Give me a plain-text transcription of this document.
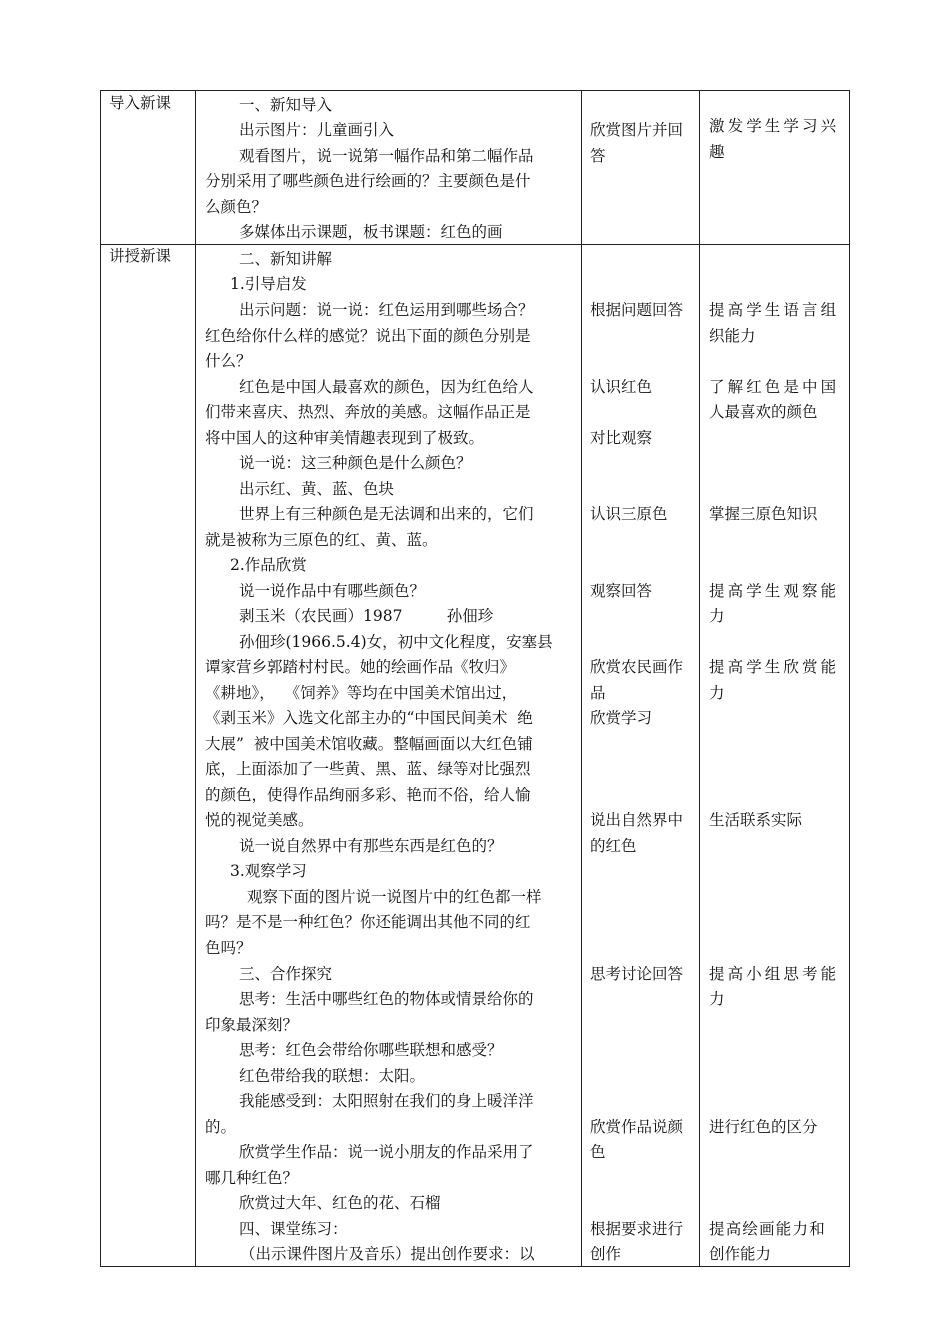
导入新课	一、新知导入
出示图片：儿童画引入
观看图片，说一说第一幅作品和第二幅作品
分别采用了哪些颜色进行绘画的？主要颜色是什
么颜色？
多媒体出示课题，板书课题：红色的画
欣赏图片并回
答
激发学生学习兴
趣
讲授新课	二、新知讲解
1.引导启发
出示问题：说一说：红色运用到哪些场合？
红色给你什么样的感觉？说出下面的颜色分别是
什么？
红色是中国人最喜欢的颜色，因为红色给人
们带来喜庆、热烈、奔放的美感。这幅作品正是
将中国人的这种审美情趣表现到了极致。
说一说：这三种颜色是什么颜色？
出示红、黄、蓝、色块
世界上有三种颜色是无法调和出来的，它们
就是被称为三原色的红、黄、蓝。
2.作品欣赏
说一说作品中有哪些颜色？
剥玉米（农民画）1987         孙佃珍
孙佃珍(1966.5.4)女，初中文化程度，安塞县
谭家营乡郭踏村村民。她的绘画作品《牧归》
《耕地》，  《饲养》等均在中国美术馆出过，
《剥玉米》入选文化部主办的“中国民间美术  绝
大展”  被中国美术馆收藏。整幅画面以大红色铺
底，上面添加了一些黄、黑、蓝、绿等对比强烈
的颜色，使得作品绚丽多彩、艳而不俗，给人愉
悦的视觉美感。
说一说自然界中有那些东西是红色的？
3.观察学习
观察下面的图片说一说图片中的红色都一样
吗？是不是一种红色？你还能调出其他不同的红
色吗？
三、合作探究
思考：生活中哪些红色的物体或情景给你的
印象最深刻？
思考：红色会带给你哪些联想和感受？
红色带给我的联想：太阳。
我能感受到：太阳照射在我们的身上暖洋洋
的。
欣赏学生作品：说一说小朋友的作品采用了
哪几种红色？
欣赏过大年、红色的花、石榴
四、课堂练习：
（出示课件图片及音乐）提出创作要求：以
根据问题回答
认识红色
对比观察
认识三原色
观察回答
欣赏农民画作
品
欣赏学习
说出自然界中
的红色
思考讨论回答
欣赏作品说颜
色
根据要求进行
创作
提高学生语言组
织能力
了解红色是中国
人最喜欢的颜色
掌握三原色知识
提高学生观察能
力
提高学生欣赏能
力
生活联系实际
提高小组思考能
力
进行红色的区分
提高绘画能力和
创作能力
